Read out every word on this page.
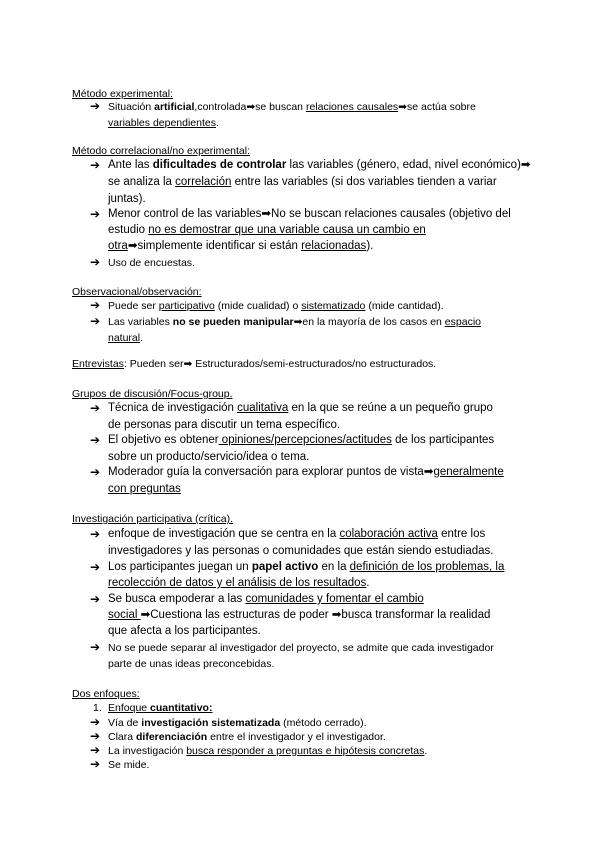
Método experimental:
➔ Situación artificial,controlada➡se buscan relaciones causales➡se actúa sobre
variables dependientes.
Método correlacional/no experimental:
➔ Ante las dificultades de controlar las variables (género, edad, nivel económico)➡
se analiza la correlación entre las variables (si dos variables tienden a variar
juntas).
➔ Menor control de las variables➡No se buscan relaciones causales (objetivo del
estudio no es demostrar que una variable causa un cambio en
otra➡simplemente identificar si están relacionadas).
➔ Uso de encuestas.
Observacional/observación:
➔ Puede ser participativo (mide cualidad) o sistematizado (mide cantidad).
➔ Las variables no se pueden manipular➡en la mayoría de los casos en espacio
natural.
Entrevistas: Pueden ser➡ Estructurados/semi-estructurados/no estructurados.
Grupos de discusión/Focus-group.
➔ Técnica de investigación cualitativa en la que se reúne a un pequeño grupo
de personas para discutir un tema específico.
➔ El objetivo es obtener opiniones/percepciones/actitudes de los participantes
sobre un producto/servicio/idea o tema.
➔ Moderador guía la conversación para explorar puntos de vista➡generalmente
con preguntas
Investigación participativa (crítica).
➔ enfoque de investigación que se centra en la colaboración activa entre los
investigadores y las personas o comunidades que están siendo estudiadas.
➔ Los participantes juegan un papel activo en la definición de los problemas, la
recolección de datos y el análisis de los resultados.
➔ Se busca empoderar a las comunidades y fomentar el cambio
social ➡Cuestiona las estructuras de poder ➡busca transformar la realidad
que afecta a los participantes.
➔ No se puede separar al investigador del proyecto, se admite que cada investigador
parte de unas ideas preconcebidas.
Dos enfoques:
1. Enfoque cuantitativo:
➔ Vía de investigación sistematizada (método cerrado).
➔ Clara diferenciación entre el investigador y el investigador.
➔ La investigación busca responder a preguntas e hipótesis concretas.
➔ Se mide.
